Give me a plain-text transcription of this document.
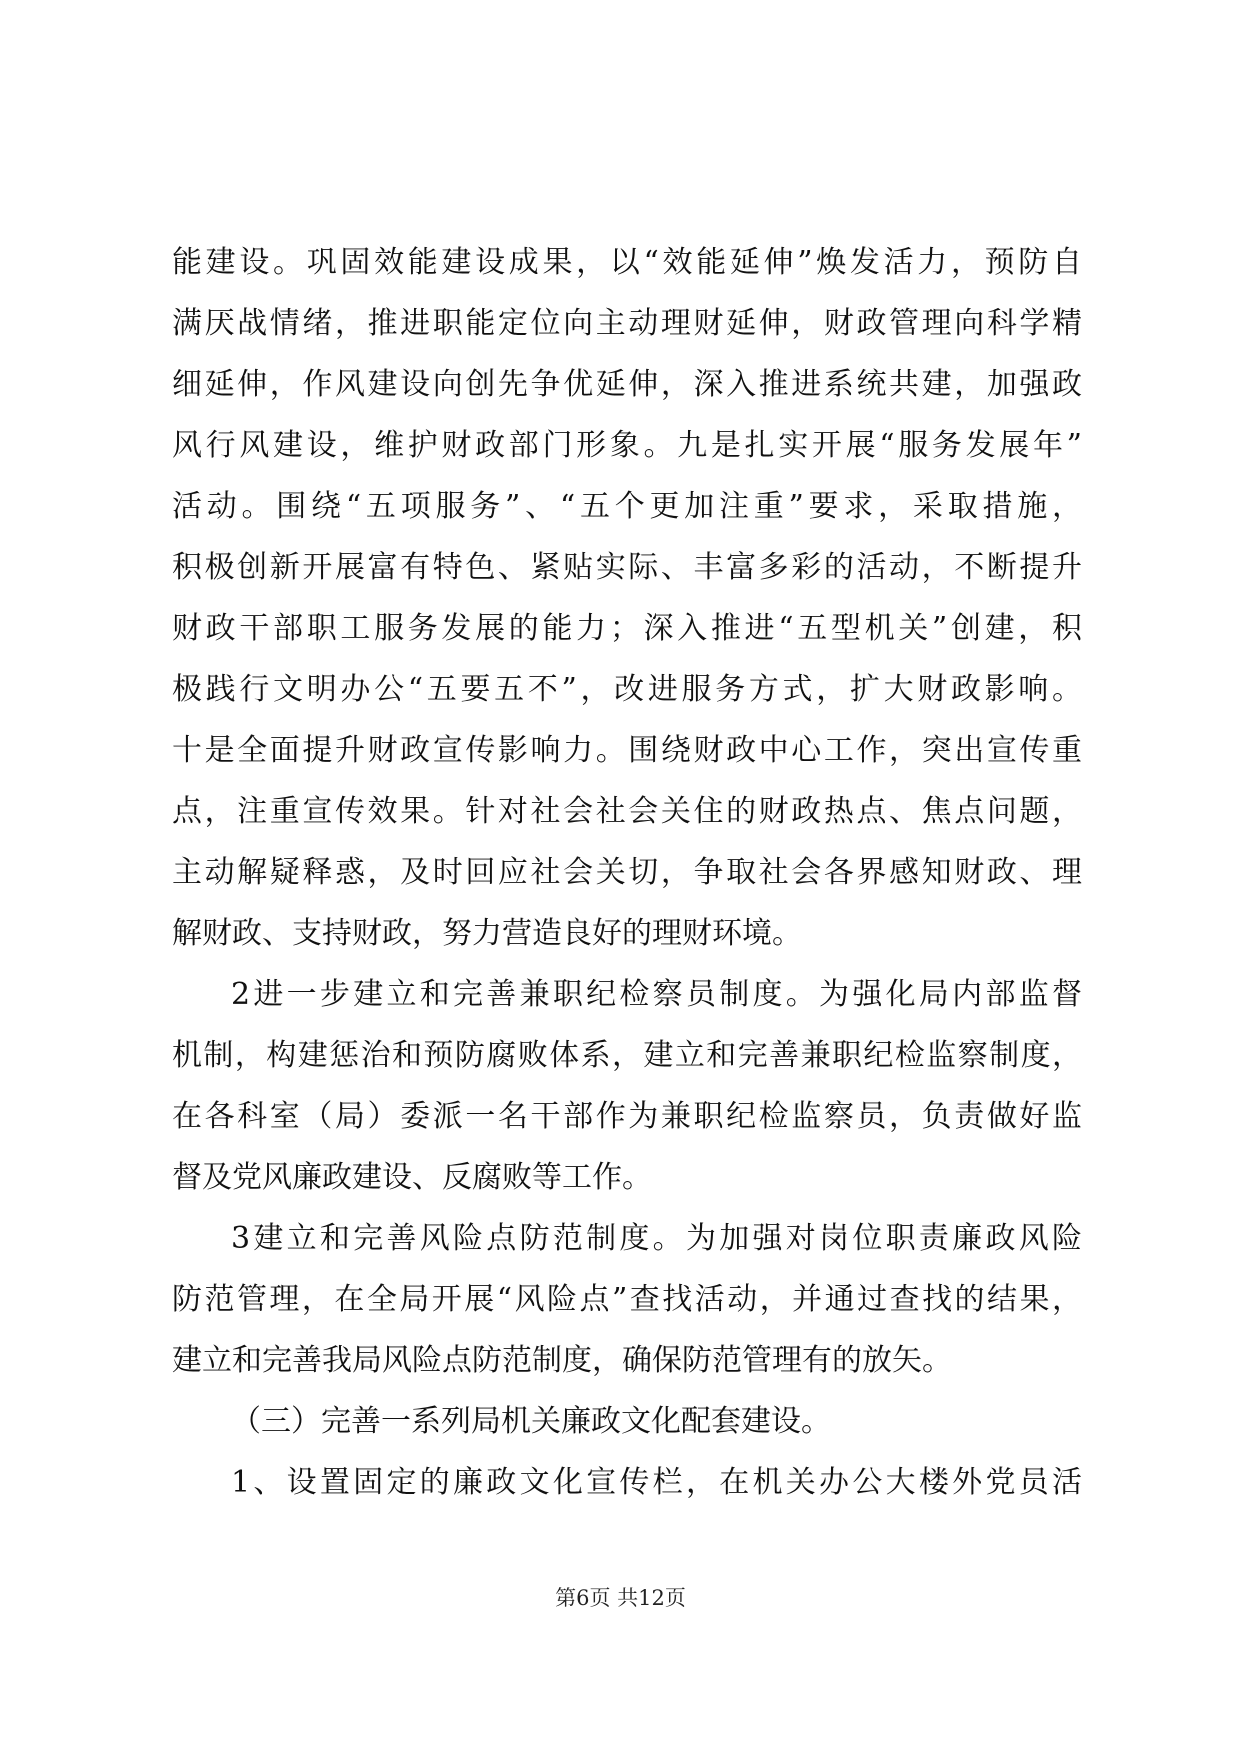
能建设。巩固效能建设成果，以“效能延伸”焕发活力，预防自
满厌战情绪，推进职能定位向主动理财延伸，财政管理向科学精
细延伸，作风建设向创先争优延伸，深入推进系统共建，加强政
风行风建设，维护财政部门形象。九是扎实开展“服务发展年”
活动。围绕“五项服务”、“五个更加注重”要求，采取措施，
积极创新开展富有特色、紧贴实际、丰富多彩的活动，不断提升
财政干部职工服务发展的能力；深入推进“五型机关”创建，积
极践行文明办公“五要五不”，改进服务方式，扩大财政影响。
十是全面提升财政宣传影响力。围绕财政中心工作，突出宣传重
点，注重宣传效果。针对社会社会关住的财政热点、焦点问题，
主动解疑释惑，及时回应社会关切，争取社会各界感知财政、理
解财政、支持财政，努力营造良好的理财环境。
2进一步建立和完善兼职纪检察员制度。为强化局内部监督
机制，构建惩治和预防腐败体系，建立和完善兼职纪检监察制度，
在各科室（局）委派一名干部作为兼职纪检监察员，负责做好监
督及党风廉政建设、反腐败等工作。
3建立和完善风险点防范制度。为加强对岗位职责廉政风险
防范管理，在全局开展“风险点”查找活动，并通过查找的结果，
建立和完善我局风险点防范制度，确保防范管理有的放矢。
（三）完善一系列局机关廉政文化配套建设。
1、设置固定的廉政文化宣传栏，在机关办公大楼外党员活
第6页 共12页
